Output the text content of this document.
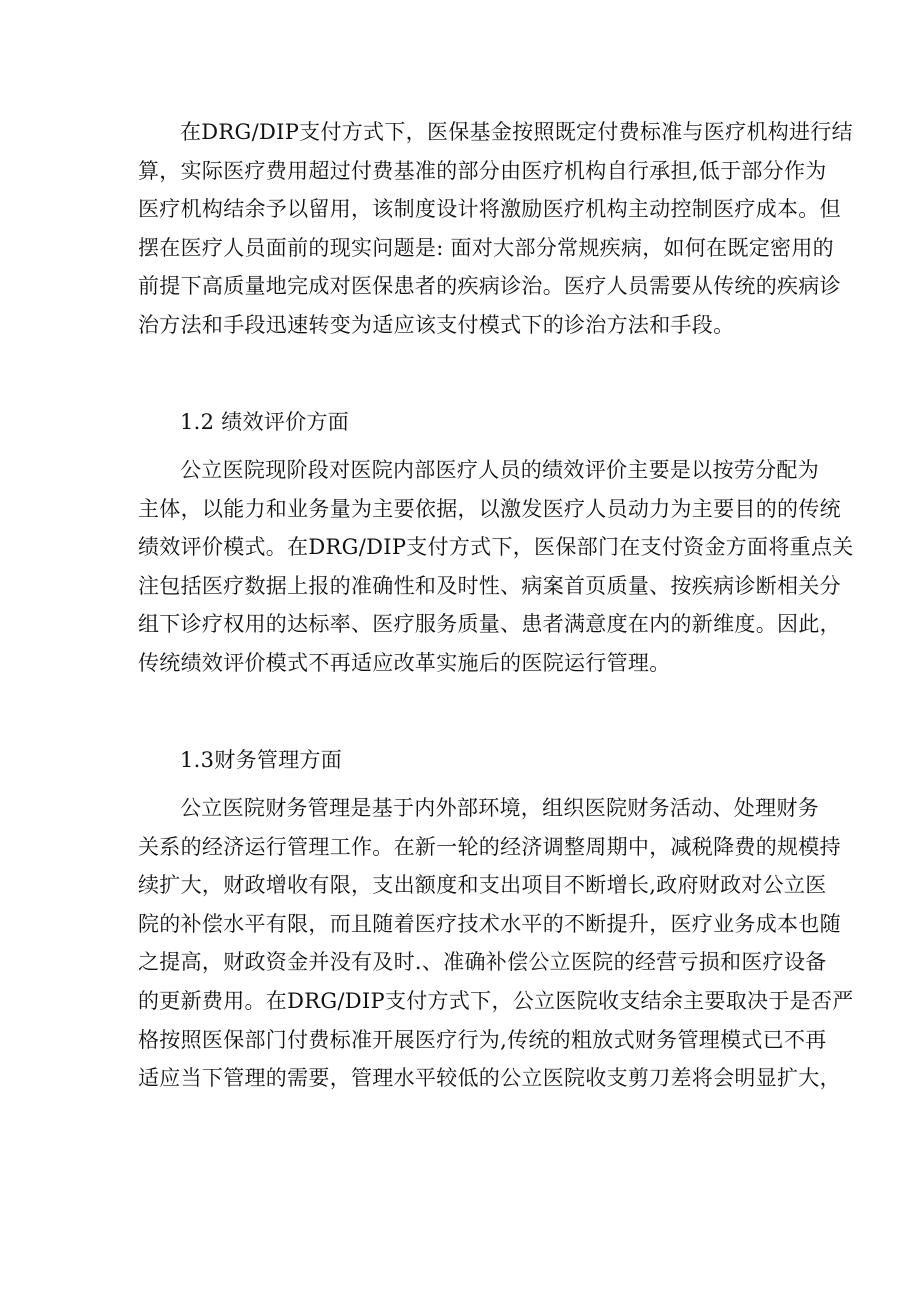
在DRG/DIP支付方式下，医保基金按照既定付费标准与医疗机构进行结
算，实际医疗费用超过付费基准的部分由医疗机构自行承担,低于部分作为
医疗机构结余予以留用，该制度设计将激励医疗机构主动控制医疗成本。但
摆在医疗人员面前的现实问题是: 面对大部分常规疾病，如何在既定密用的
前提下高质量地完成对医保患者的疾病诊治。医疗人员需要从传统的疾病诊
治方法和手段迅速转变为适应该支付模式下的诊治方法和手段。
1.2 绩效评价方面
公立医院现阶段对医院内部医疗人员的绩效评价主要是以按劳分配为
主体，以能力和业务量为主要依据，以激发医疗人员动力为主要目的的传统
绩效评价模式。在DRG/DIP支付方式下，医保部门在支付资金方面将重点关
注包括医疗数据上报的准确性和及时性、病案首页质量、按疾病诊断相关分
组下诊疗权用的达标率、医疗服务质量、患者满意度在内的新维度。因此，
传统绩效评价模式不再适应改革实施后的医院运行管理。
1.3财务管理方面
公立医院财务管理是基于内外部环境，组织医院财务活动、处理财务
关系的经济运行管理工作。在新一轮的经济调整周期中，减税降费的规模持
续扩大，财政增收有限，支出额度和支出项目不断增长,政府财政对公立医
院的补偿水平有限，而且随着医疗技术水平的不断提升，医疗业务成本也随
之提高，财政资金并没有及时.、准确补偿公立医院的经营亏损和医疗设备
的更新费用。在DRG/DIP支付方式下，公立医院收支结余主要取决于是否严
格按照医保部门付费标准开展医疗行为,传统的粗放式财务管理模式已不再
适应当下管理的需要，管理水平较低的公立医院收支剪刀差将会明显扩大，
